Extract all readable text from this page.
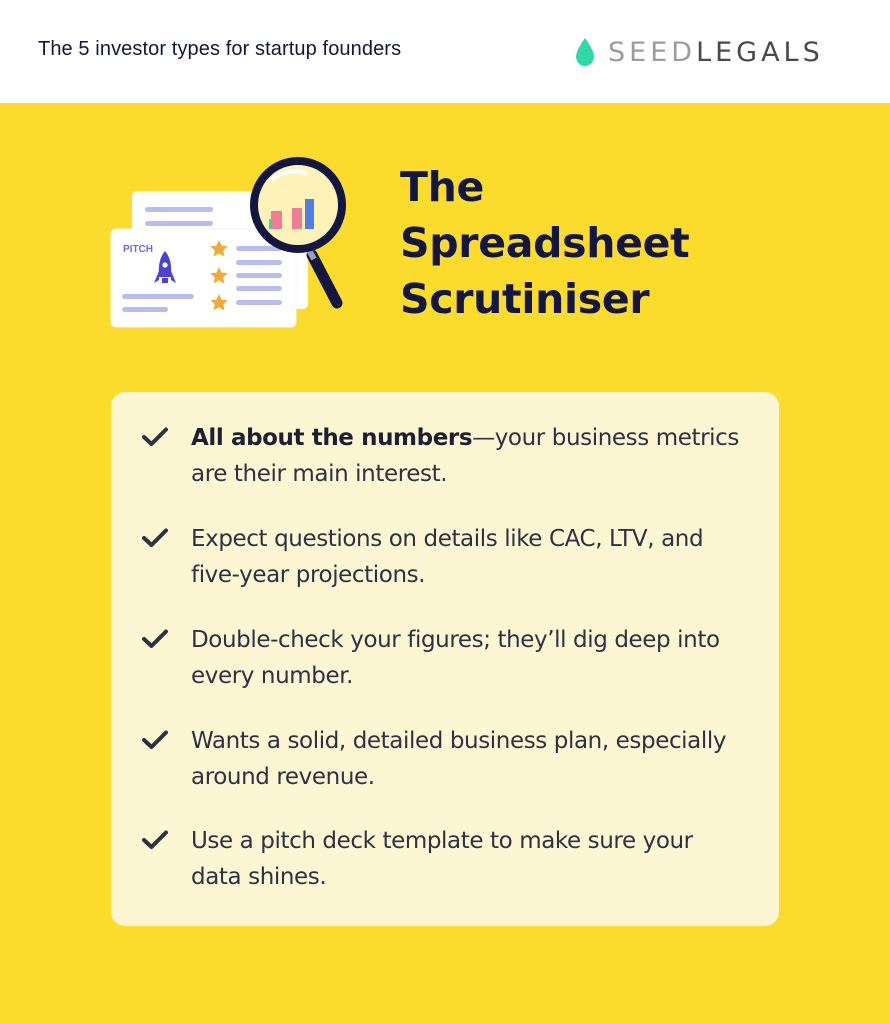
The 5 investor types for startup founders	SEEDLEGALS
PITCH
The
Spreadsheet
Scrutiniser
All about the numbers—your business metrics are their main interest.
Expect questions on details like CAC, LTV, and five-year projections.
Double-check your figures; they’ll dig deep into every number.
Wants a solid, detailed business plan, especially around revenue.
Use a pitch deck template to make sure your data shines.
